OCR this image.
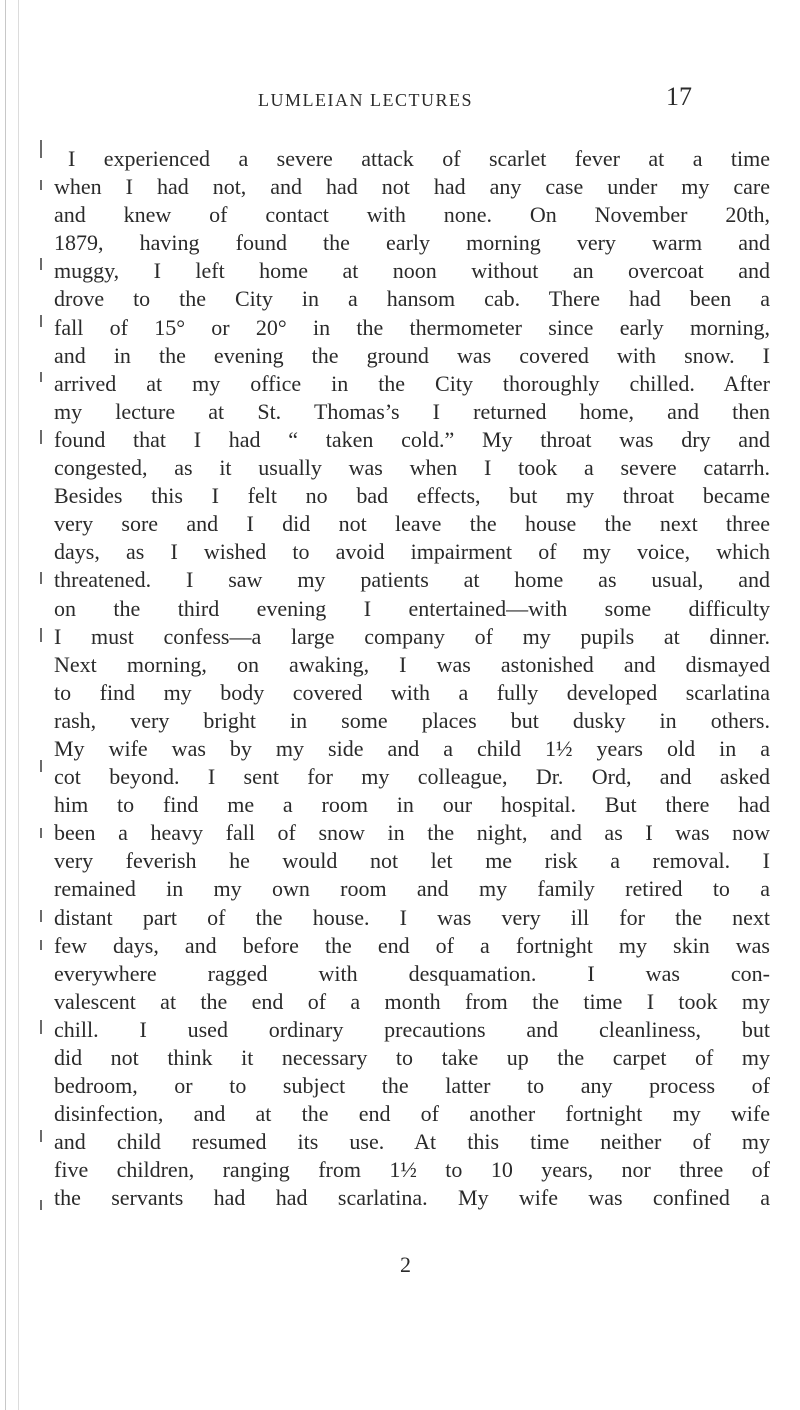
LUMLEIAN LECTURES	17
I experienced a severe attack of scarlet fever at a time
when I had not, and had not had any case under my care
and knew of contact with none. On November 20th,
1879, having found the early morning very warm and
muggy, I left home at noon without an overcoat and
drove to the City in a hansom cab. There had been a
fall of 15° or 20° in the thermometer since early morning,
and in the evening the ground was covered with snow. I
arrived at my office in the City thoroughly chilled. After
my lecture at St. Thomas’s I returned home, and then
found that I had “ taken cold.” My throat was dry and
congested, as it usually was when I took a severe catarrh.
Besides this I felt no bad effects, but my throat became
very sore and I did not leave the house the next three
days, as I wished to avoid impairment of my voice, which
threatened. I saw my patients at home as usual, and
on the third evening I entertained—with some difficulty
I must confess—a large company of my pupils at dinner.
Next morning, on awaking, I was astonished and dismayed
to find my body covered with a fully developed scarlatina
rash, very bright in some places but dusky in others.
My wife was by my side and a child 1½ years old in a
cot beyond. I sent for my colleague, Dr. Ord, and asked
him to find me a room in our hospital. But there had
been a heavy fall of snow in the night, and as I was now
very feverish he would not let me risk a removal. I
remained in my own room and my family retired to a
distant part of the house. I was very ill for the next
few days, and before the end of a fortnight my skin was
everywhere ragged with desquamation. I was con-
valescent at the end of a month from the time I took my
chill. I used ordinary precautions and cleanliness, but
did not think it necessary to take up the carpet of my
bedroom, or to subject the latter to any process of
disinfection, and at the end of another fortnight my wife
and child resumed its use. At this time neither of my
five children, ranging from 1½ to 10 years, nor three of
the servants had had scarlatina. My wife was confined a
2
